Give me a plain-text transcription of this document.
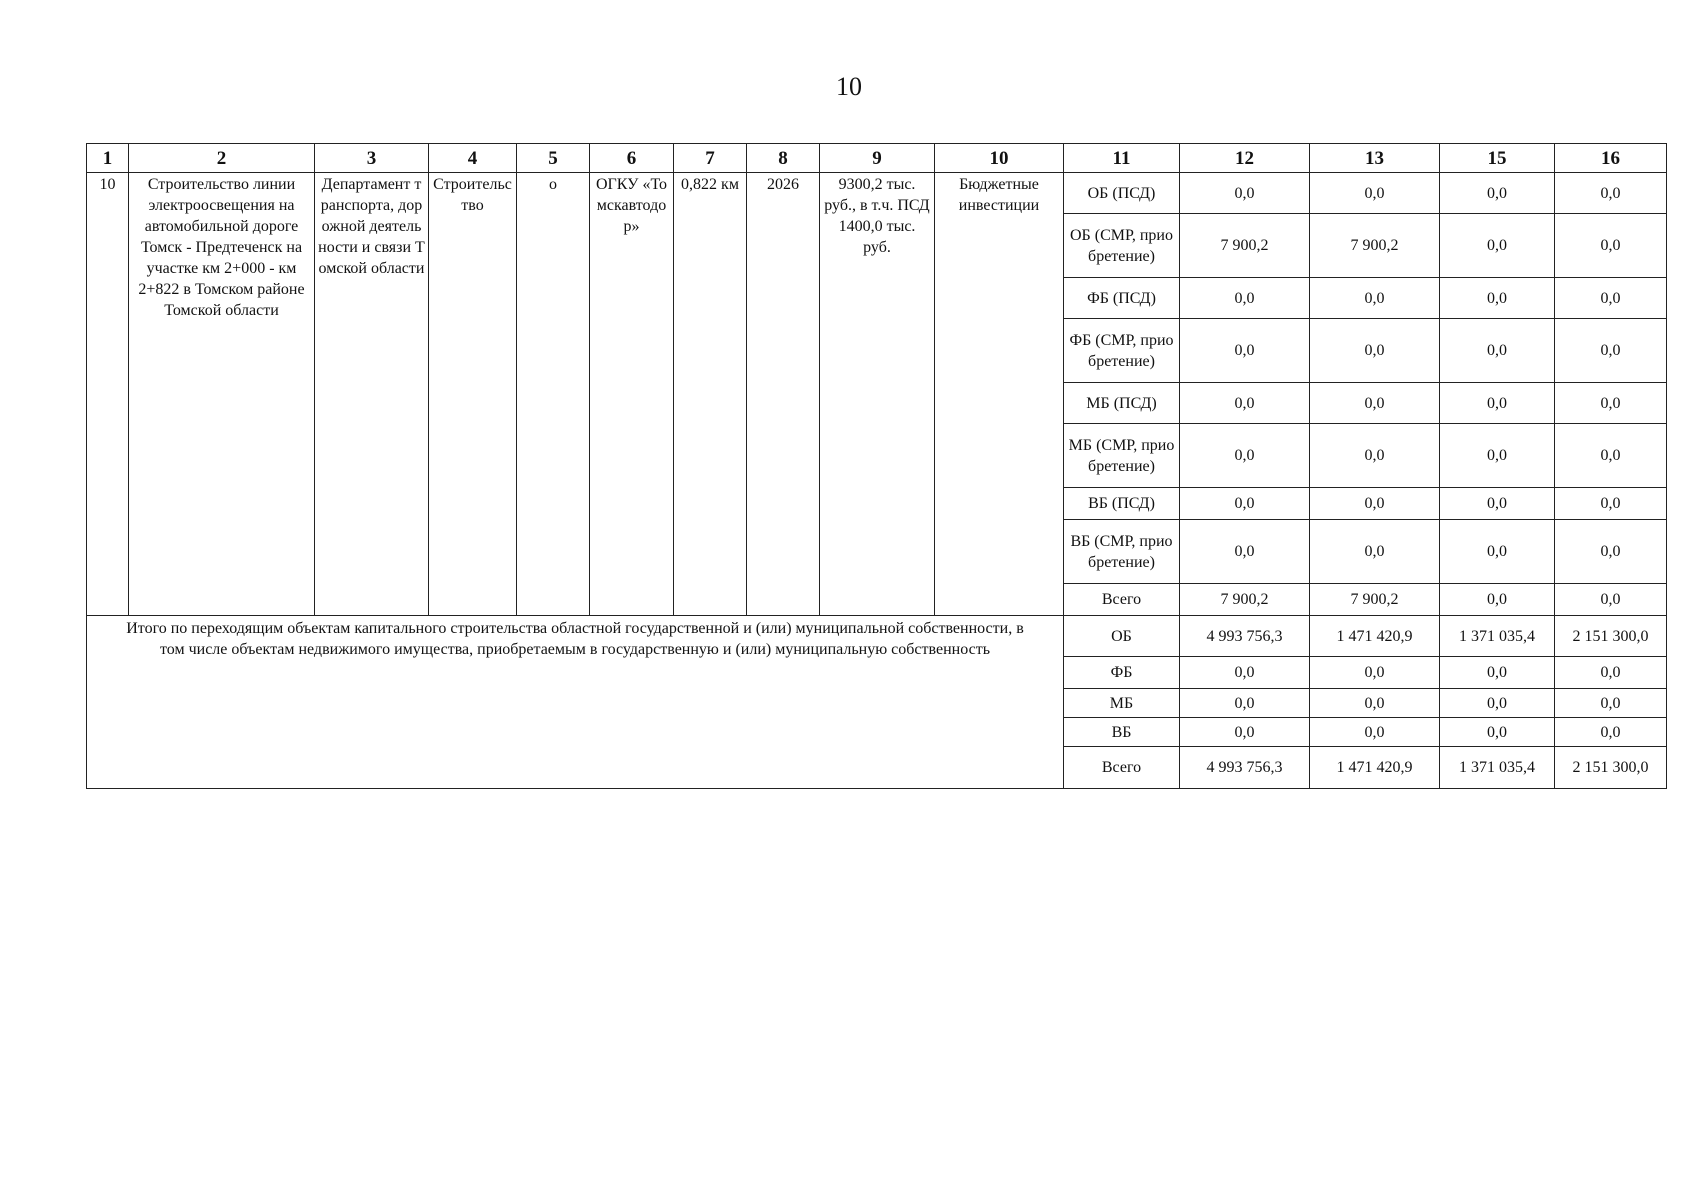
10
1	2	3	4	5	6	7	8	9	10	11	12	13	15	16
10	Строительство линии электроосвещения на автомобильной дороге Томск - Предтеченск на участке км 2+000 - км 2+822 в Томском районе Томской области	Департамент транспорта, дорожной деятельности и связи Томской области	Строительство	о	ОГКУ «Томскавтодор»	0,822 км	2026	9300,2 тыс. руб., в т.ч. ПСД 1400,0 тыс. руб.	Бюджетные инвестиции	ОБ (ПСД)	0,0	0,0	0,0	0,0
										ОБ (СМР, приобретение)	7 900,2	7 900,2	0,0	0,0
										ФБ (ПСД)	0,0	0,0	0,0	0,0
										ФБ (СМР, приобретение)	0,0	0,0	0,0	0,0
										МБ (ПСД)	0,0	0,0	0,0	0,0
										МБ (СМР, приобретение)	0,0	0,0	0,0	0,0
										ВБ (ПСД)	0,0	0,0	0,0	0,0
										ВБ (СМР, приобретение)	0,0	0,0	0,0	0,0
										Всего	7 900,2	7 900,2	0,0	0,0
Итого по переходящим объектам капитального строительства областной государственной и (или) муниципальной собственности, в том числе объектам недвижимого имущества, приобретаемым в государственную и (или) муниципальную собственность										ОБ	4 993 756,3	1 471 420,9	1 371 035,4	2 151 300,0
										ФБ	0,0	0,0	0,0	0,0
										МБ	0,0	0,0	0,0	0,0
										ВБ	0,0	0,0	0,0	0,0
										Всего	4 993 756,3	1 471 420,9	1 371 035,4	2 151 300,0
